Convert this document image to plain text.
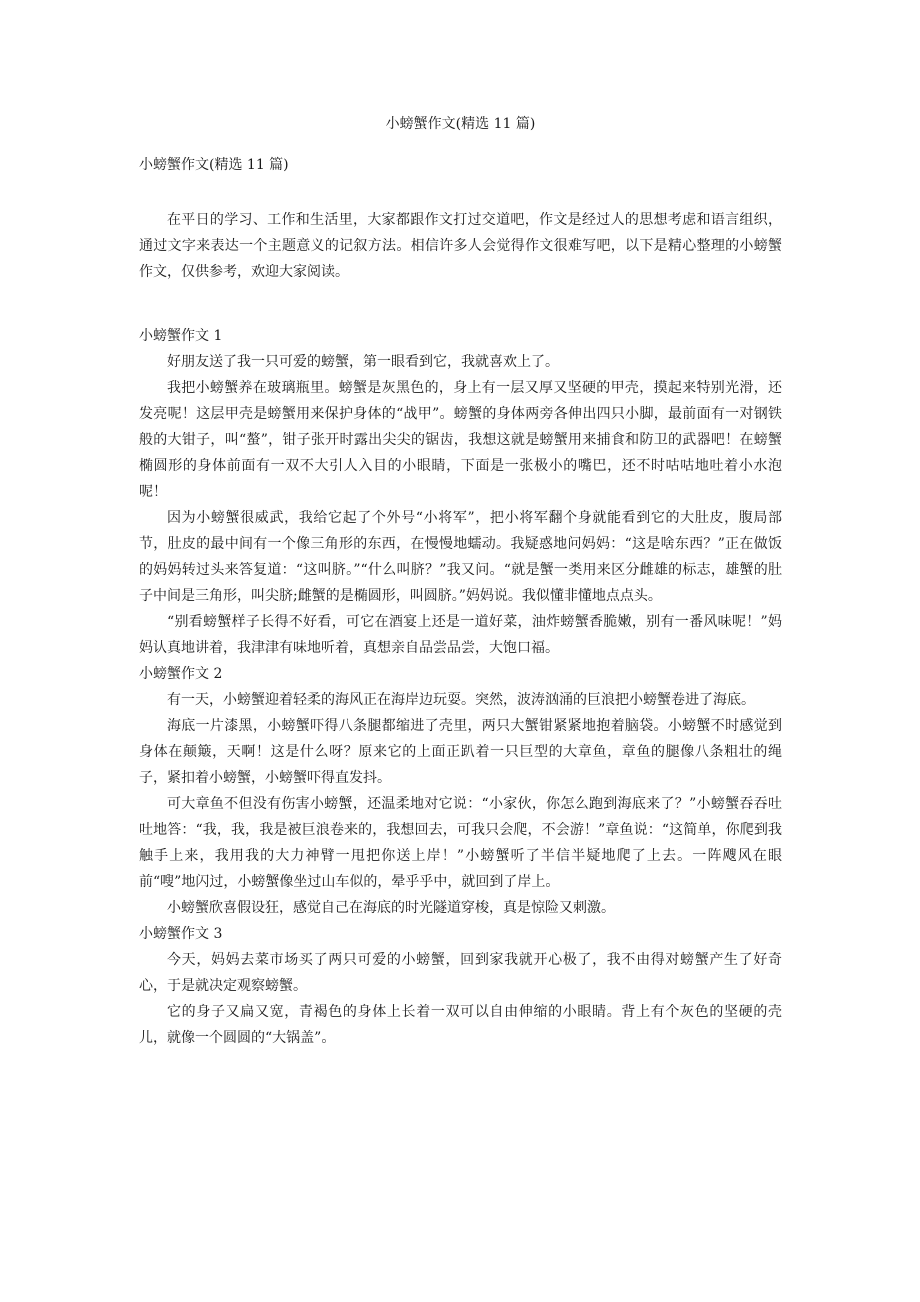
小螃蟹作文(精选 11 篇)

小螃蟹作文(精选 11 篇)

在平日的学习、工作和生活里，大家都跟作文打过交道吧，作文是经过人的思想考虑和语言组织，通过文字来表达一个主题意义的记叙方法。相信许多人会觉得作文很难写吧，以下是精心整理的小螃蟹作文，仅供参考，欢迎大家阅读。

小螃蟹作文 1

好朋友送了我一只可爱的螃蟹，第一眼看到它，我就喜欢上了。

我把小螃蟹养在玻璃瓶里。螃蟹是灰黑色的，身上有一层又厚又坚硬的甲壳，摸起来特别光滑，还发亮呢！这层甲壳是螃蟹用来保护身体的“战甲”。螃蟹的身体两旁各伸出四只小脚，最前面有一对钢铁般的大钳子，叫“螯”，钳子张开时露出尖尖的锯齿，我想这就是螃蟹用来捕食和防卫的武器吧！在螃蟹椭圆形的身体前面有一双不大引人入目的小眼睛，下面是一张极小的嘴巴，还不时咕咕地吐着小水泡呢！

因为小螃蟹很威武，我给它起了个外号“小将军”，把小将军翻个身就能看到它的大肚皮，腹局部节，肚皮的最中间有一个像三角形的东西，在慢慢地蠕动。我疑惑地问妈妈：“这是啥东西？”正在做饭的妈妈转过头来答复道：“这叫脐。”“什么叫脐？”我又问。“就是蟹一类用来区分雌雄的标志，雄蟹的肚子中间是三角形，叫尖脐;雌蟹的是椭圆形，叫圆脐。”妈妈说。我似懂非懂地点点头。

“别看螃蟹样子长得不好看，可它在酒宴上还是一道好菜，油炸螃蟹香脆嫩，别有一番风味呢！”妈妈认真地讲着，我津津有味地听着，真想亲自品尝品尝，大饱口福。

小螃蟹作文 2

有一天，小螃蟹迎着轻柔的海风正在海岸边玩耍。突然，波涛汹涌的巨浪把小螃蟹卷进了海底。

海底一片漆黑，小螃蟹吓得八条腿都缩进了壳里，两只大蟹钳紧紧地抱着脑袋。小螃蟹不时感觉到身体在颠簸，天啊！这是什么呀？原来它的上面正趴着一只巨型的大章鱼，章鱼的腿像八条粗壮的绳子，紧扣着小螃蟹，小螃蟹吓得直发抖。

可大章鱼不但没有伤害小螃蟹，还温柔地对它说：“小家伙，你怎么跑到海底来了？”小螃蟹吞吞吐吐地答：“我，我，我是被巨浪卷来的，我想回去，可我只会爬，不会游！”章鱼说：“这简单，你爬到我触手上来，我用我的大力神臂一甩把你送上岸！”小螃蟹听了半信半疑地爬了上去。一阵飕风在眼前“嗖”地闪过，小螃蟹像坐过山车似的，晕乎乎中，就回到了岸上。

小螃蟹欣喜假设狂，感觉自己在海底的时光隧道穿梭，真是惊险又刺激。

小螃蟹作文 3

今天，妈妈去菜市场买了两只可爱的小螃蟹，回到家我就开心极了，我不由得对螃蟹产生了好奇心，于是就决定观察螃蟹。

它的身子又扁又宽，青褐色的身体上长着一双可以自由伸缩的小眼睛。背上有个灰色的坚硬的壳儿，就像一个圆圆的“大锅盖”。
